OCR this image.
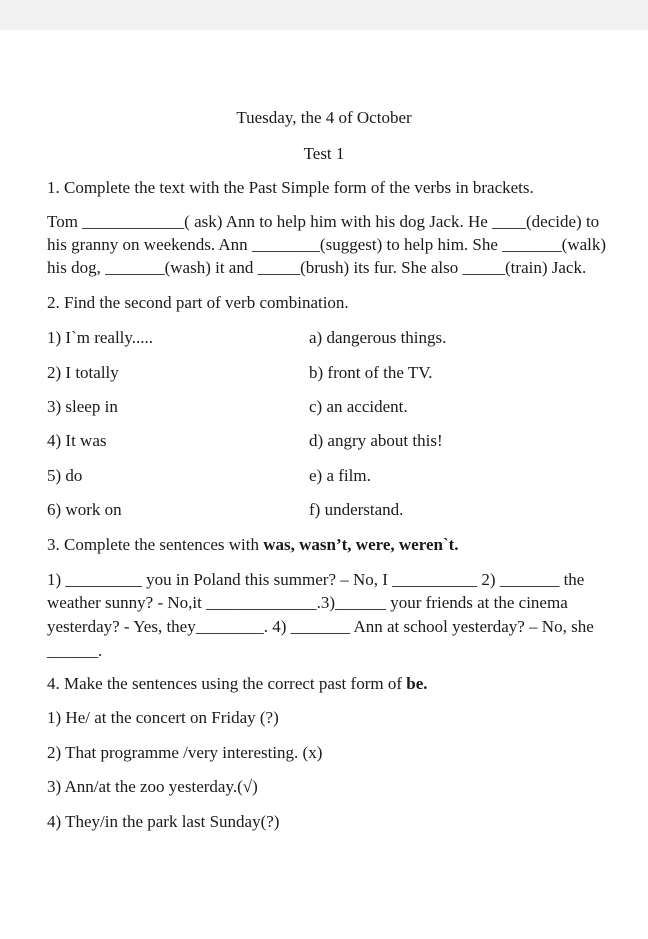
Tuesday, the 4 of October
Test 1
1. Complete the text with the Past Simple form of the verbs in brackets.
Tom ____________( ask) Ann to help him with his dog Jack. He ____(decide) to
his granny on weekends. Ann ________(suggest) to help him. She _______(walk)
his dog, _______(wash) it and _____(brush) its fur. She also _____(train) Jack.
2. Find the second part of verb combination.
1) I`m really.....
2) I totally
3) sleep in
4) It was
5) do
6) work on
a) dangerous things.
b) front of the TV.
c) an accident.
d) angry about this!
e) a film.
f) understand.
3. Complete the sentences with was, wasn’t, were, weren`t.
1) _________ you in Poland this summer? – No, I __________ 2) _______ the
weather sunny? - No,it _____________.3)______ your friends at the cinema
yesterday? - Yes, they________. 4) _______ Ann at school yesterday? – No, she
______.
4. Make the sentences using the correct past form of be.
1) He/ at the concert on Friday (?)
2) That programme /very interesting. (x)
3) Ann/at the zoo yesterday.(√)
4) They/in the park last Sunday(?)
